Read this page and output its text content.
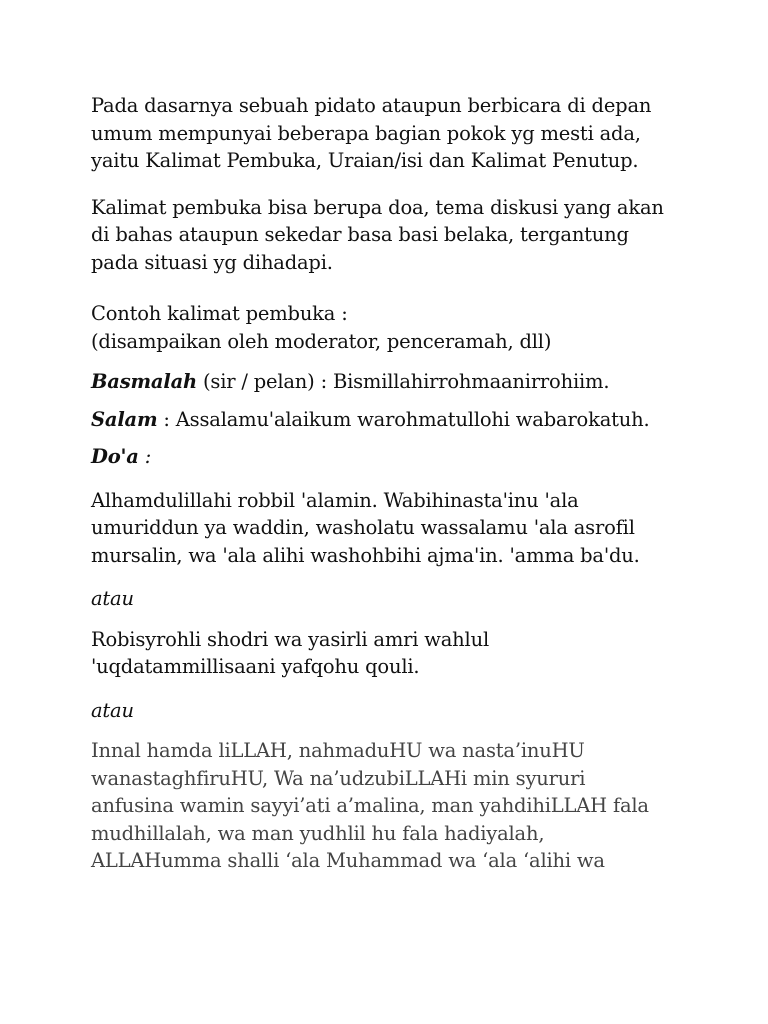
Pada dasarnya sebuah pidato ataupun berbicara di depan
umum mempunyai beberapa bagian pokok yg mesti ada,
yaitu Kalimat Pembuka, Uraian/isi dan Kalimat Penutup.

Kalimat pembuka bisa berupa doa, tema diskusi yang akan
di bahas ataupun sekedar basa basi belaka, tergantung
pada situasi yg dihadapi.

Contoh kalimat pembuka :
(disampaikan oleh moderator, penceramah, dll)

Basmalah (sir / pelan) : Bismillahirrohmaanirrohiim.

Salam : Assalamu'alaikum warohmatullohi wabarokatuh.

Do'a :

Alhamdulillahi robbil 'alamin. Wabihinasta'inu 'ala
umuriddun ya waddin, washolatu wassalamu 'ala asrofil
mursalin, wa 'ala alihi washohbihi ajma'in. 'amma ba'du.

atau

Robisyrohli shodri wa yasirli amri wahlul
'uqdatammillisaani yafqohu qouli.

atau

Innal hamda liLLAH, nahmaduHU wa nasta’inuHU
wanastaghfiruHU, Wa na’udzubiLLAHi min syururi
anfusina wamin sayyi’ati a’malina, man yahdihiLLAH fala
mudhillalah, wa man yudhlil hu fala hadiyalah,
ALLAHumma shalli ‘ala Muhammad wa ‘ala ‘alihi wa
